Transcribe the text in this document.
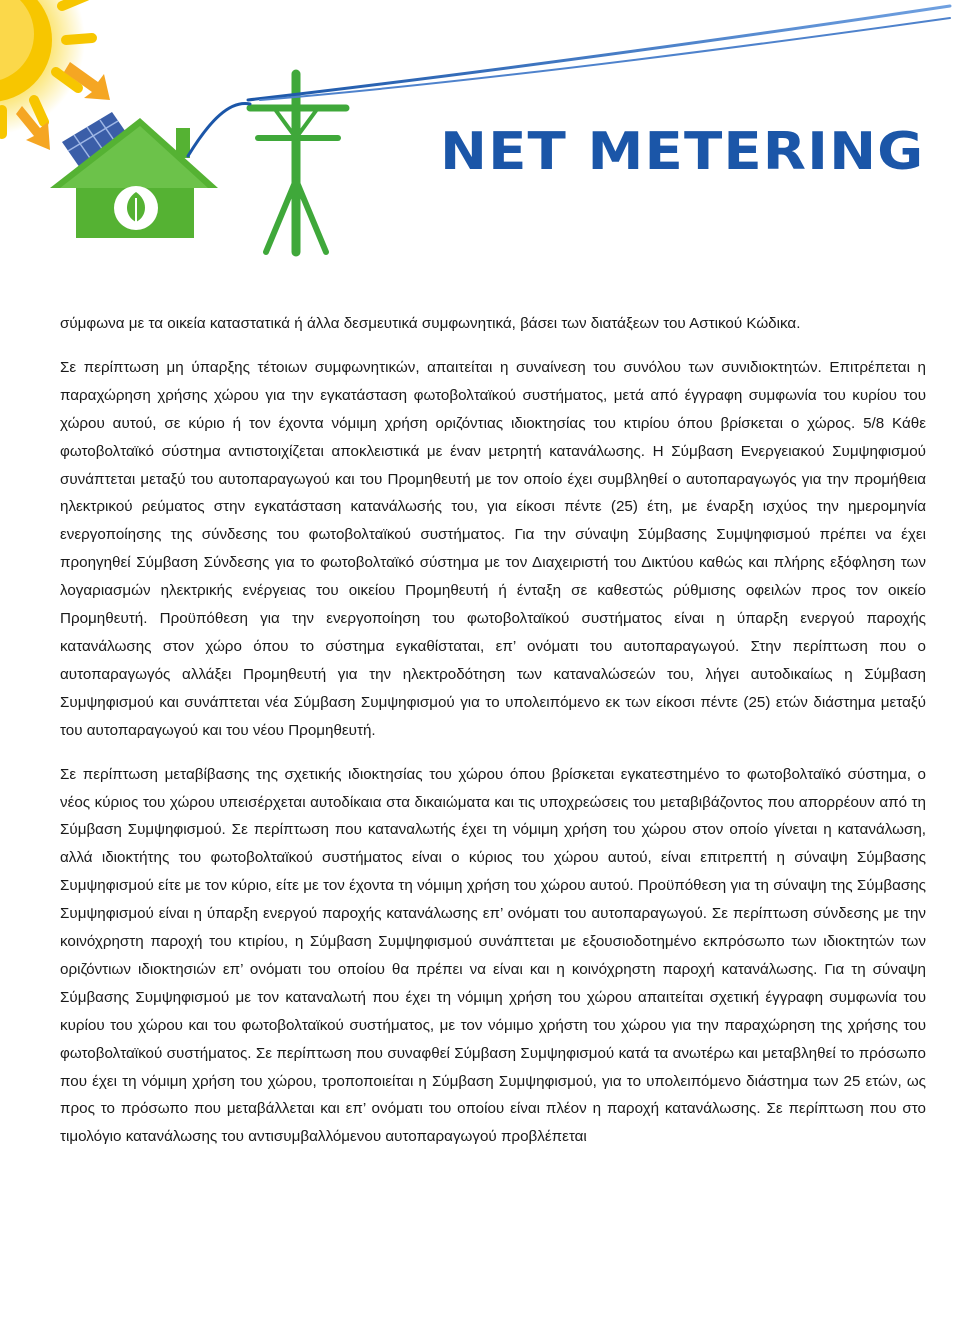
NET METERING

σύμφωνα με τα οικεία καταστατικά ή άλλα δεσμευτικά συμφωνητικά, βάσει των διατάξεων του Αστικού Κώδικα.

Σε περίπτωση μη ύπαρξης τέτοιων συμφωνητικών, απαιτείται η συναίνεση του συνόλου των συνιδιοκτητών. Επιτρέπεται η παραχώρηση χρήσης χώρου για την εγκατάσταση φωτοβολταϊκού συστήματος, μετά από έγγραφη συμφωνία του κυρίου του χώρου αυτού, σε κύριο ή τον έχοντα νόμιμη χρήση οριζόντιας ιδιοκτησίας του κτιρίου όπου βρίσκεται ο χώρος. 5/8 Κάθε φωτοβολταϊκό σύστημα αντιστοιχίζεται αποκλειστικά με έναν μετρητή κατανάλωσης. Η Σύμβαση Ενεργειακού Συμψηφισμού συνάπτεται μεταξύ του αυτοπαραγωγού και του Προμηθευτή με τον οποίο έχει συμβληθεί ο αυτοπαραγωγός για την προμήθεια ηλεκτρικού ρεύματος στην εγκατάσταση κατανάλωσής του, για είκοσι πέντε (25) έτη, με έναρξη ισχύος την ημερομηνία ενεργοποίησης της σύνδεσης του φωτοβολταϊκού συστήματος. Για την σύναψη Σύμβασης Συμψηφισμού πρέπει να έχει προηγηθεί Σύμβαση Σύνδεσης για το φωτοβολταϊκό σύστημα με τον Διαχειριστή του Δικτύου καθώς και πλήρης εξόφληση των λογαριασμών ηλεκτρικής ενέργειας του οικείου Προμηθευτή ή ένταξη σε καθεστώς ρύθμισης οφειλών προς τον οικείο Προμηθευτή. Προϋπόθεση για την ενεργοποίηση του φωτοβολταϊκού συστήματος είναι η ύπαρξη ενεργού παροχής κατανάλωσης στον χώρο όπου το σύστημα εγκαθίσταται, επ’ ονόματι του αυτοπαραγωγού. Στην περίπτωση που ο αυτοπαραγωγός αλλάξει Προμηθευτή για την ηλεκτροδότηση των καταναλώσεών του, λήγει αυτοδικαίως η Σύμβαση Συμψηφισμού και συνάπτεται νέα Σύμβαση Συμψηφισμού για το υπολειπόμενο εκ των είκοσι πέντε (25) ετών διάστημα μεταξύ του αυτοπαραγωγού και του νέου Προμηθευτή.

Σε περίπτωση μεταβίβασης της σχετικής ιδιοκτησίας του χώρου όπου βρίσκεται εγκατεστημένο το φωτοβολταϊκό σύστημα, ο νέος κύριος του χώρου υπεισέρχεται αυτοδίκαια στα δικαιώματα και τις υποχρεώσεις του μεταβιβάζοντος που απορρέουν από τη Σύμβαση Συμψηφισμού. Σε περίπτωση που καταναλωτής έχει τη νόμιμη χρήση του χώρου στον οποίο γίνεται η κατανάλωση, αλλά ιδιοκτήτης του φωτοβολταϊκού συστήματος είναι ο κύριος του χώρου αυτού, είναι επιτρεπτή η σύναψη Σύμβασης Συμψηφισμού είτε με τον κύριο, είτε με τον έχοντα τη νόμιμη χρήση του χώρου αυτού. Προϋπόθεση για τη σύναψη της Σύμβασης Συμψηφισμού είναι η ύπαρξη ενεργού παροχής κατανάλωσης επ’ ονόματι του αυτοπαραγωγού. Σε περίπτωση σύνδεσης με την κοινόχρηστη παροχή του κτιρίου, η Σύμβαση Συμψηφισμού συνάπτεται με εξουσιοδοτημένο εκπρόσωπο των ιδιοκτητών των οριζόντιων ιδιοκτησιών επ’ ονόματι του οποίου θα πρέπει να είναι και η κοινόχρηστη παροχή κατανάλωσης. Για τη σύναψη Σύμβασης Συμψηφισμού με τον καταναλωτή που έχει τη νόμιμη χρήση του χώρου απαιτείται σχετική έγγραφη συμφωνία του κυρίου του χώρου και του φωτοβολταϊκού συστήματος, με τον νόμιμο χρήστη του χώρου για την παραχώρηση της χρήσης του φωτοβολταϊκού συστήματος. Σε περίπτωση που συναφθεί Σύμβαση Συμψηφισμού κατά τα ανωτέρω και μεταβληθεί το πρόσωπο που έχει τη νόμιμη χρήση του χώρου, τροποποιείται η Σύμβαση Συμψηφισμού, για το υπολειπόμενο διάστημα των 25 ετών, ως προς το πρόσωπο που μεταβάλλεται και επ’ ονόματι του οποίου είναι πλέον η παροχή κατανάλωσης. Σε περίπτωση που στο τιμολόγιο κατανάλωσης του αντισυμβαλλόμενου αυτοπαραγωγού προβλέπεται
